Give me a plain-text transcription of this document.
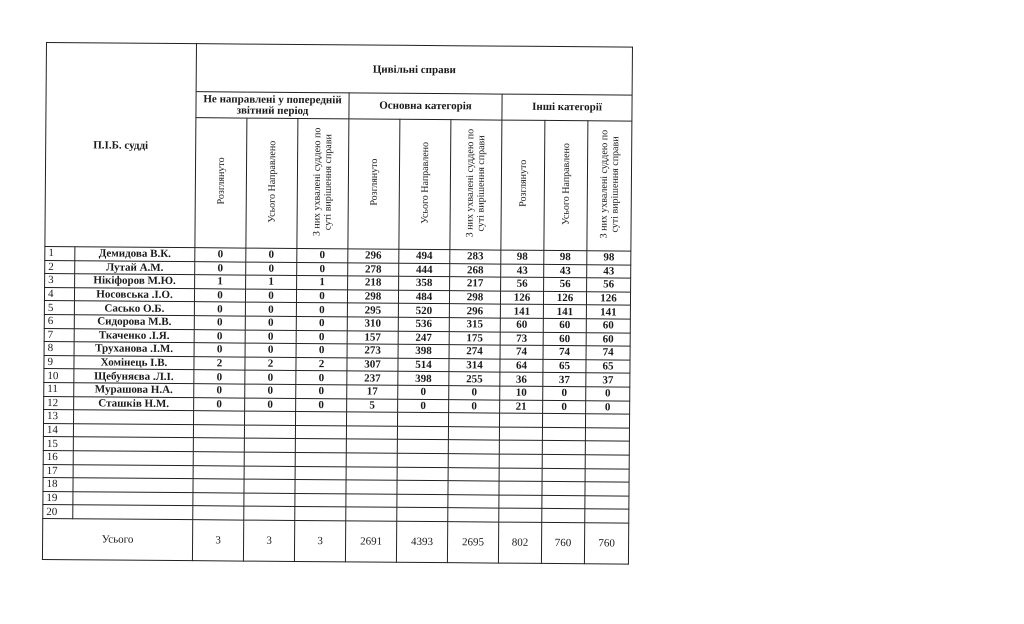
П.І.Б. судді		Цивільні справи								
		Не направлені у попередній звітний період			Основна категорія			Інші категорії		
		Розглянуто	Усього Направлено	З них ухвалені суддею по суті вирішення справи	Розглянуто	Усього Направлено	З них ухвалені суддею по суті вирішення справи	Розглянуто	Усього Направлено	З них ухвалені суддею по суті вирішення справи
1	Демидова В.К.	0	0	0	296	494	283	98	98	98
2	Лутай А.М.	0	0	0	278	444	268	43	43	43
3	Нікіфоров М.Ю.	1	1	1	218	358	217	56	56	56
4	Носовська .І.О.	0	0	0	298	484	298	126	126	126
5	Сасько О.Б.	0	0	0	295	520	296	141	141	141
6	Сидорова М.В.	0	0	0	310	536	315	60	60	60
7	Ткаченко .І.Я.	0	0	0	157	247	175	73	60	60
8	Труханова .І.М.	0	0	0	273	398	274	74	74	74
9	Хомінець І.В.	2	2	2	307	514	314	64	65	65
10	Щебуняєва .Л.І.	0	0	0	237	398	255	36	37	37
11	Мурашова Н.А.	0	0	0	17	0	0	10	0	0
12	Сташків Н.М.	0	0	0	5	0	0	21	0	0
13										
14										
15										
16										
17										
18										
19										
20										
Усього		3	3	3	2691	4393	2695	802	760	760
